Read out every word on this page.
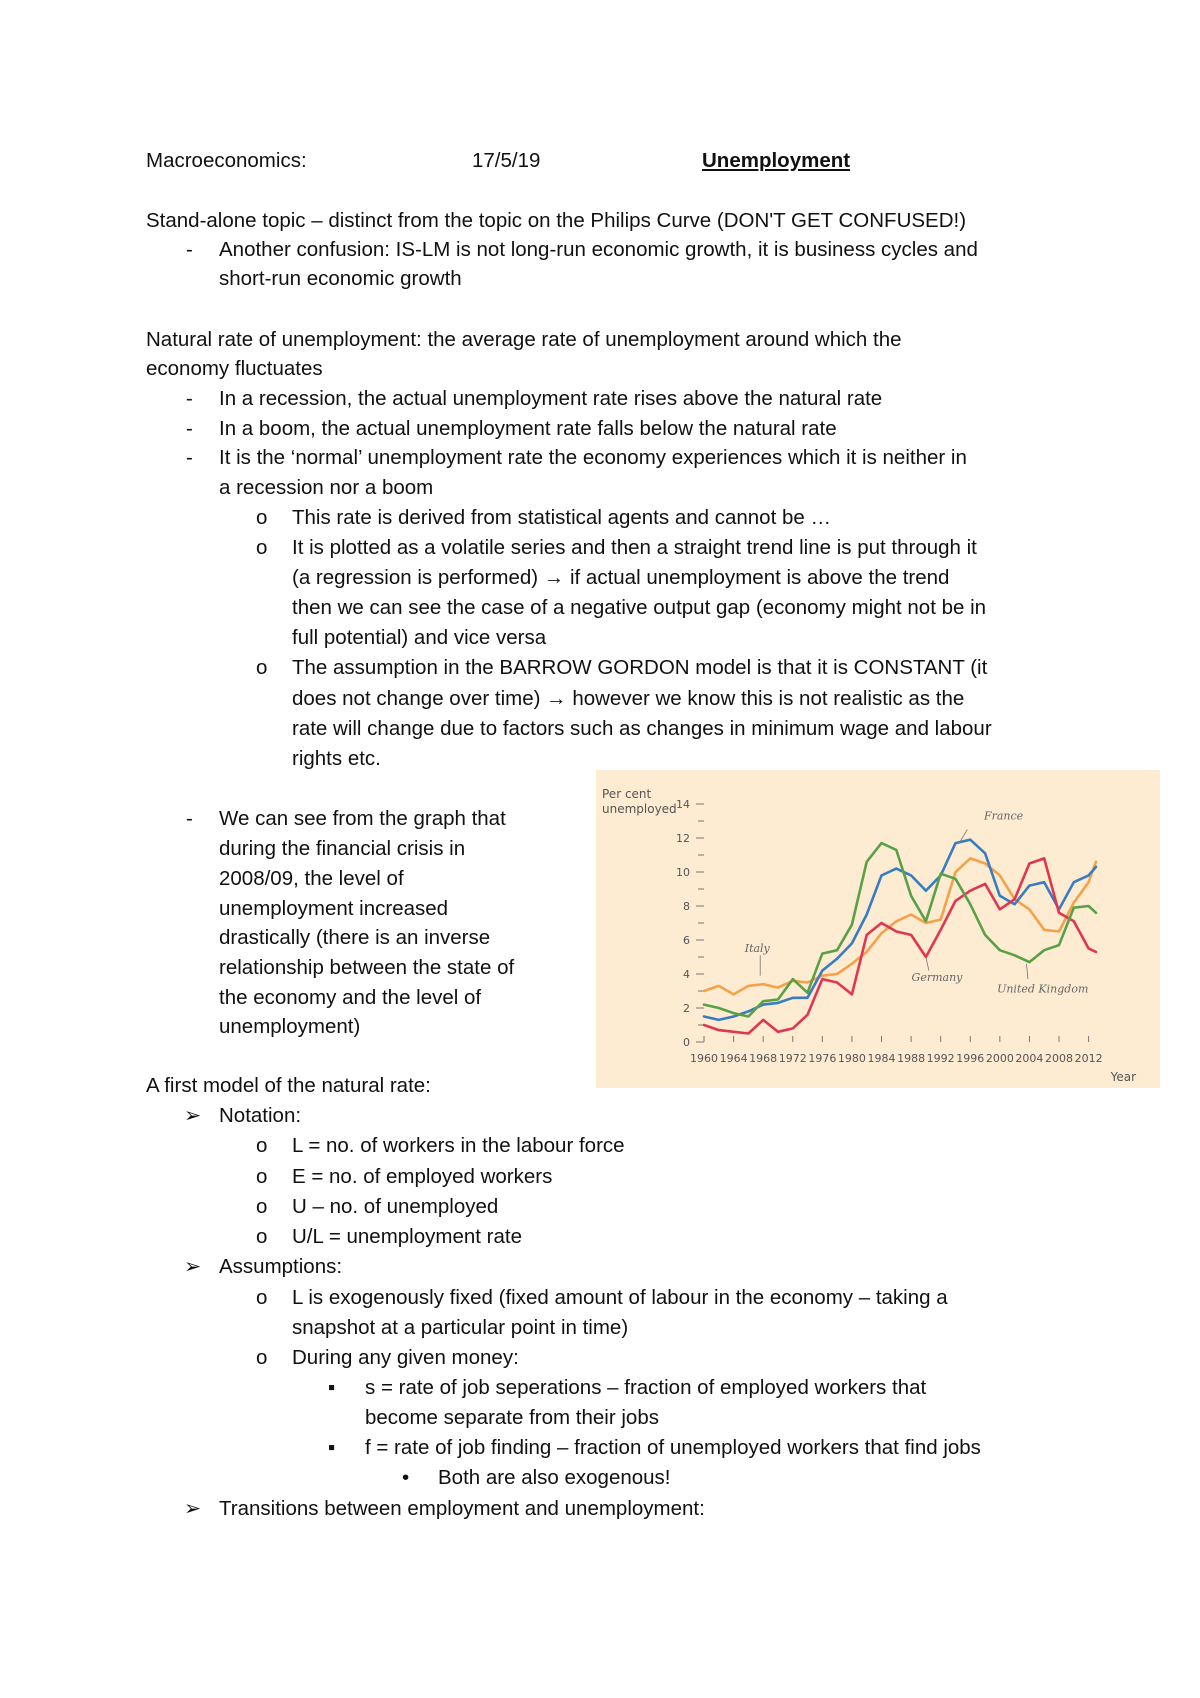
Macroeconomics:	17/5/19	Unemployment
Stand-alone topic – distinct from the topic on the Philips Curve (DON'T GET CONFUSED!)
- Another confusion: IS-LM is not long-run economic growth, it is business cycles and
short-run economic growth
Natural rate of unemployment: the average rate of unemployment around which the
economy fluctuates
- In a recession, the actual unemployment rate rises above the natural rate
- In a boom, the actual unemployment rate falls below the natural rate
- It is the ‘normal’ unemployment rate the economy experiences which it is neither in
a recession nor a boom
o This rate is derived from statistical agents and cannot be …
o It is plotted as a volatile series and then a straight trend line is put through it
(a regression is performed) → if actual unemployment is above the trend
then we can see the case of a negative output gap (economy might not be in
full potential) and vice versa
o The assumption in the BARROW GORDON model is that it is CONSTANT (it
does not change over time) → however we know this is not realistic as the
rate will change due to factors such as changes in minimum wage and labour
rights etc.
- We can see from the graph that
during the financial crisis in
2008/09, the level of
unemployment increased
drastically (there is an inverse
relationship between the state of
the economy and the level of
unemployment)
Per cent
unemployed
Year
0
2
4
6
8
10
12
14
1960 1964 1968 1972 1976 1980 1984 1988 1992 1996 2000 2004 2008 2012
France
Italy
Germany
United Kingdom
A first model of the natural rate:
➢ Notation:
o L = no. of workers in the labour force
o E = no. of employed workers
o U – no. of unemployed
o U/L = unemployment rate
➢ Assumptions:
o L is exogenously fixed (fixed amount of labour in the economy – taking a
snapshot at a particular point in time)
o During any given money:
▪ s = rate of job seperations – fraction of employed workers that
become separate from their jobs
▪ f = rate of job finding – fraction of unemployed workers that find jobs
• Both are also exogenous!
➢ Transitions between employment and unemployment:
